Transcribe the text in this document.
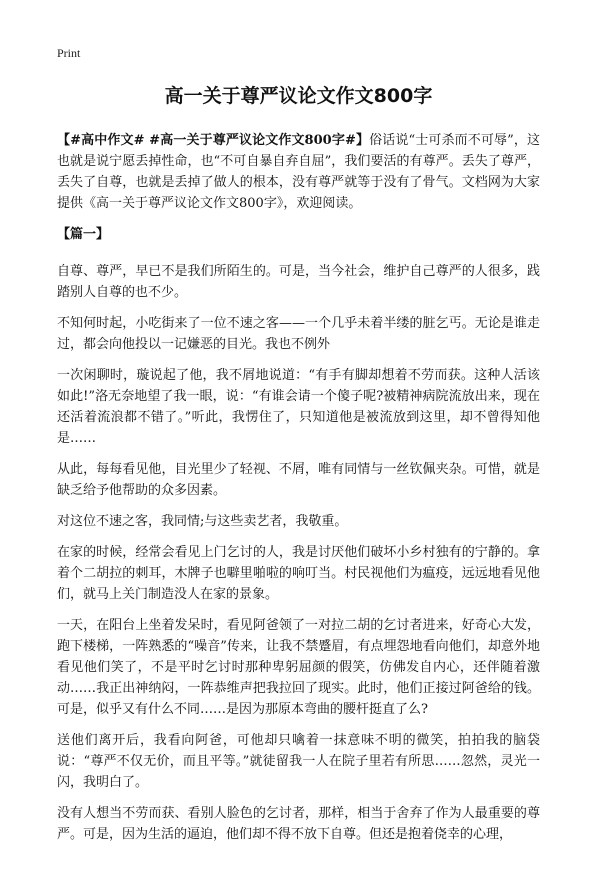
Print
高一关于尊严议论文作文800字

【#高中作文# #高一关于尊严议论文作文800字#】俗话说“士可杀而不可辱”，这也就是说宁愿丢掉性命，也“不可自暴自弃自屈”，我们要活的有尊严。丢失了尊严，丢失了自尊，也就是丢掉了做人的根本，没有尊严就等于没有了骨气。文档网为大家提供《高一关于尊严议论文作文800字》，欢迎阅读。

【篇一】

自尊、尊严，早已不是我们所陌生的。可是，当今社会，维护自己尊严的人很多，践踏别人自尊的也不少。

不知何时起，小吃街来了一位不速之客——一个几乎未着半缕的脏乞丐。无论是谁走过，都会向他投以一记嫌恶的目光。我也不例外

一次闲聊时，璇说起了他，我不屑地说道：“有手有脚却想着不劳而获。这种人活该如此!”洛无奈地望了我一眼，说：“有谁会请一个傻子呢?被精神病院流放出来，现在还活着流浪都不错了。”听此，我愣住了，只知道他是被流放到这里，却不曾得知他是……

从此，每每看见他，目光里少了轻视、不屑，唯有同情与一丝钦佩夹杂。可惜，就是缺乏给予他帮助的众多因素。

对这位不速之客，我同情;与这些卖艺者，我敬重。

在家的时候，经常会看见上门乞讨的人，我是讨厌他们破坏小乡村独有的宁静的。拿着个二胡拉的刺耳，木牌子也噼里啪啦的响叮当。村民视他们为瘟疫，远远地看见他们，就马上关门制造没人在家的景象。

一天，在阳台上坐着发呆时，看见阿爸领了一对拉二胡的乞讨者进来，好奇心大发，跑下楼梯，一阵熟悉的“噪音”传来，让我不禁蹙眉，有点埋怨地看向他们，却意外地看见他们笑了，不是平时乞讨时那种卑躬屈颜的假笑，仿佛发自内心，还伴随着激动……我正出神纳闷，一阵恭维声把我拉回了现实。此时，他们正接过阿爸给的钱。可是，似乎又有什么不同……是因为那原本弯曲的腰杆挺直了么?

送他们离开后，我看向阿爸，可他却只噙着一抹意味不明的微笑，拍拍我的脑袋说：“尊严不仅无价，而且平等。”就徒留我一人在院子里若有所思……忽然，灵光一闪，我明白了。

没有人想当不劳而获、看别人脸色的乞讨者，那样，相当于舍弃了作为人最重要的尊严。可是，因为生活的逼迫，他们却不得不放下自尊。但还是抱着侥幸的心理，
